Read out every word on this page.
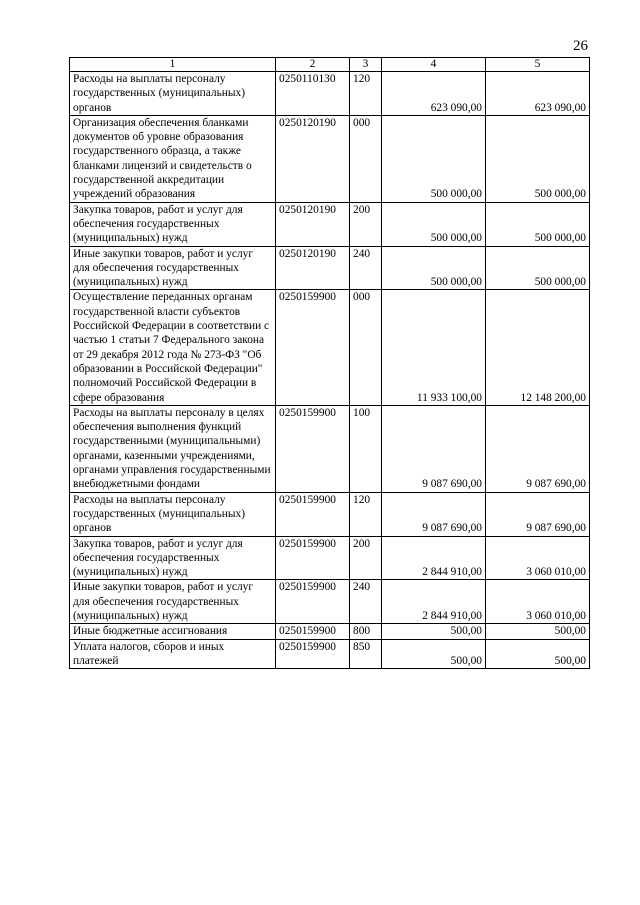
26
1	2	3	4	5
Расходы на выплаты персоналу государственных (муниципальных) органов	0250110130	120	623 090,00	623 090,00
Организация обеспечения бланками документов об уровне образования государственного образца, а также бланками лицензий и свидетельств о государственной аккредитации учреждений образования	0250120190	000	500 000,00	500 000,00
Закупка товаров, работ и услуг для обеспечения государственных (муниципальных) нужд	0250120190	200	500 000,00	500 000,00
Иные закупки товаров, работ и услуг для обеспечения государственных (муниципальных) нужд	0250120190	240	500 000,00	500 000,00
Осуществление переданных органам государственной власти субъектов Российской Федерации в соответствии с частью 1 статьи 7 Федерального закона от 29 декабря 2012 года № 273-ФЗ "Об образовании в Российской Федерации" полномочий Российской Федерации в сфере образования	0250159900	000	11 933 100,00	12 148 200,00
Расходы на выплаты персоналу в целях обеспечения выполнения функций государственными (муниципальными) органами, казенными учреждениями, органами управления государственными внебюджетными фондами	0250159900	100	9 087 690,00	9 087 690,00
Расходы на выплаты персоналу государственных (муниципальных) органов	0250159900	120	9 087 690,00	9 087 690,00
Закупка товаров, работ и услуг для обеспечения государственных (муниципальных) нужд	0250159900	200	2 844 910,00	3 060 010,00
Иные закупки товаров, работ и услуг для обеспечения государственных (муниципальных) нужд	0250159900	240	2 844 910,00	3 060 010,00
Иные бюджетные ассигнования	0250159900	800	500,00	500,00
Уплата налогов, сборов и иных платежей	0250159900	850	500,00	500,00
